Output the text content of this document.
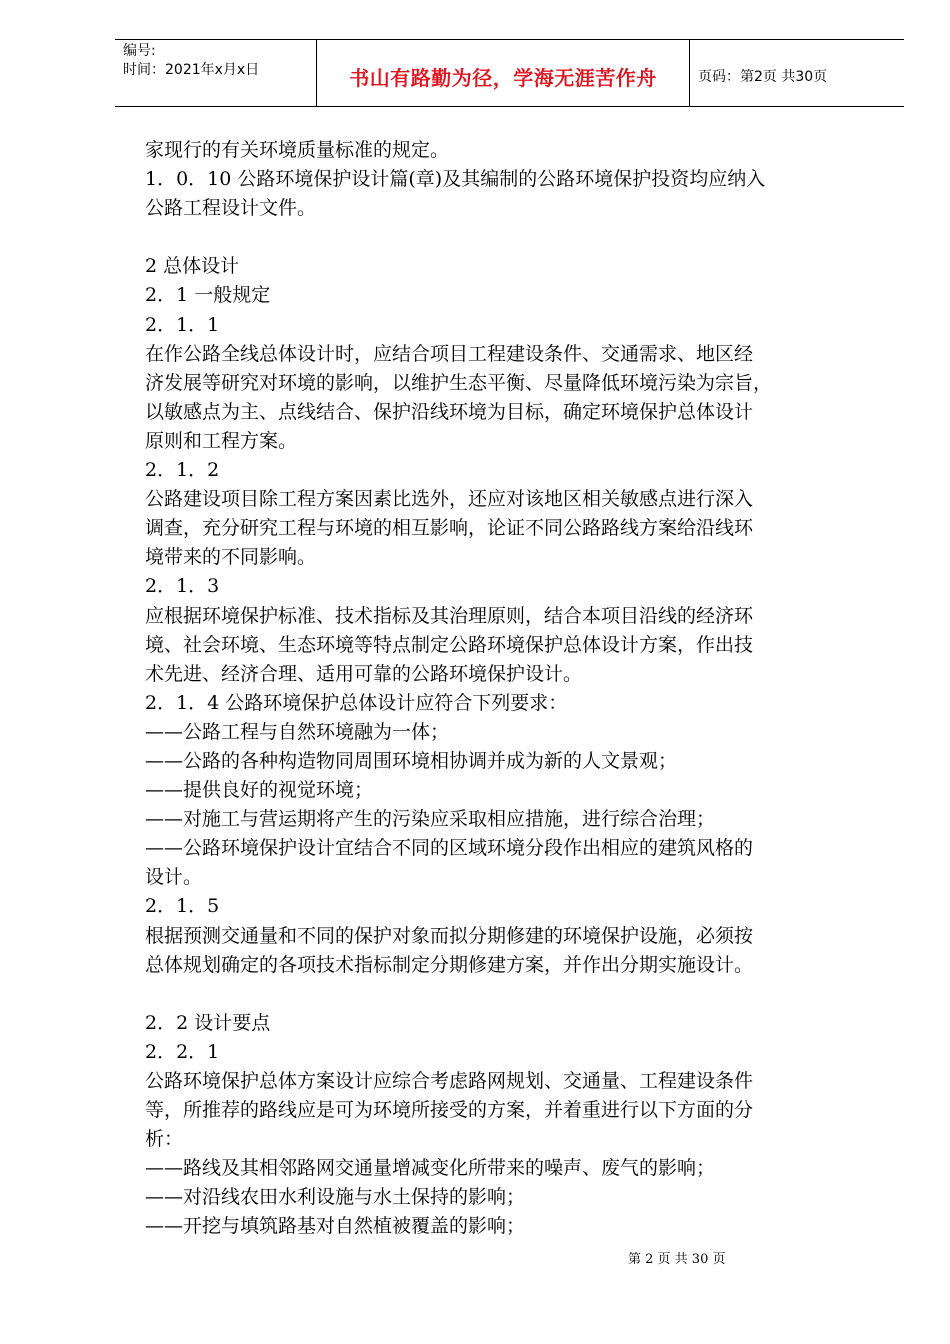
编号:
时间：2021年x月x日	书山有路勤为径，学海无涯苦作舟	页码：第2页 共30页
家现行的有关环境质量标准的规定。
1．0．10 公路环境保护设计篇(章)及其编制的公路环境保护投资均应纳入
公路工程设计文件。
2 总体设计
2．1 一般规定
2．1．1
在作公路全线总体设计时，应结合项目工程建设条件、交通需求、地区经
济发展等研究对环境的影响，以维护生态平衡、尽量降低环境污染为宗旨，
以敏感点为主、点线结合、保护沿线环境为目标，确定环境保护总体设计
原则和工程方案。
2．1．2
公路建设项目除工程方案因素比选外，还应对该地区相关敏感点进行深入
调查，充分研究工程与环境的相互影响，论证不同公路路线方案给沿线环
境带来的不同影响。
2．1．3
应根据环境保护标准、技术指标及其治理原则，结合本项目沿线的经济环
境、社会环境、生态环境等特点制定公路环境保护总体设计方案，作出技
术先进、经济合理、适用可靠的公路环境保护设计。
2．1．4 公路环境保护总体设计应符合下列要求：
——公路工程与自然环境融为一体；
——公路的各种构造物同周围环境相协调并成为新的人文景观；
——提供良好的视觉环境；
——对施工与营运期将产生的污染应采取相应措施，进行综合治理；
——公路环境保护设计宜结合不同的区域环境分段作出相应的建筑风格的
设计。
2．1．5
根据预测交通量和不同的保护对象而拟分期修建的环境保护设施，必须按
总体规划确定的各项技术指标制定分期修建方案，并作出分期实施设计。
2．2 设计要点
2．2．1
公路环境保护总体方案设计应综合考虑路网规划、交通量、工程建设条件
等，所推荐的路线应是可为环境所接受的方案，并着重进行以下方面的分
析：
——路线及其相邻路网交通量增减变化所带来的噪声、废气的影响；
——对沿线农田水利设施与水土保持的影响；
——开挖与填筑路基对自然植被覆盖的影响；
第 2 页 共 30 页
